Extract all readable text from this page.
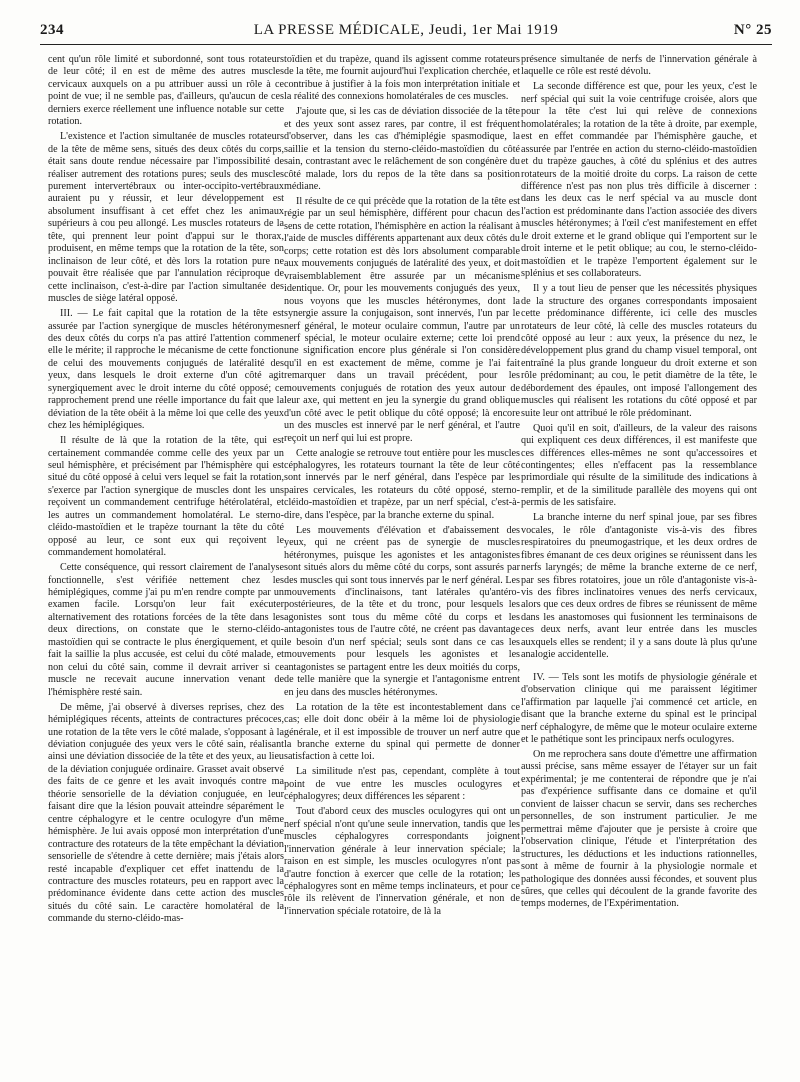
234	LA PRESSE MÉDICALE, Jeudi, 1er Mai 1919	N° 25

cent qu'un rôle limité et subordonné, sont tous rotateurs de leur côté; il en est de même des autres muscles cervicaux auxquels on a pu attribuer aussi un rôle à ce point de vue; il ne semble pas, d'ailleurs, qu'aucun de ces derniers exerce réellement une influence notable sur cette rotation.

L'existence et l'action simultanée de muscles rotateurs de la tête de même sens, situés des deux côtés du corps, était sans doute rendue nécessaire par l'impossibilité de réaliser autrement des rotations pures; seuls des muscles purement intervertébraux ou inter-occipito-vertébraux auraient pu y réussir, et leur développement est absolument insuffisant à cet effet chez les animaux supérieurs à cou peu allongé. Les muscles rotateurs de la tête, qui prennent leur point d'appui sur le thorax, produisent, en même temps que la rotation de la tête, son inclinaison de leur côté, et dès lors la rotation pure ne pouvait être réalisée que par l'annulation réciproque de cette inclinaison, c'est-à-dire par l'action simultanée des muscles de siège latéral opposé.

III. — Le fait capital que la rotation de la tête est assurée par l'action synergique de muscles hétéronymes des deux côtés du corps n'a pas attiré l'attention comme elle le mérite; il rapproche le mécanisme de cette fonction de celui des mouvements conjugués de latéralité des yeux, dans lesquels le droit externe d'un côté agit synergiquement avec le droit interne du côté opposé; ce rapprochement prend une réelle importance du fait que la déviation de la tête obéit à la même loi que celle des yeux chez les hémiplégiques.

Il résulte de là que la rotation de la tête, qui est certainement commandée comme celle des yeux par un seul hémisphère, et précisément par l'hémisphère qui est situé du côté opposé à celui vers lequel se fait la rotation, s'exerce par l'action synergique de muscles dont les uns reçoivent un commandement centrifuge hétérolatéral, et les autres un commandement homolatéral. Le sterno-cléido-mastoïdien et le trapèze tournant la tête du côté opposé au leur, ce sont eux qui reçoivent le commandement homolatéral.

Cette conséquence, qui ressort clairement de l'analyse fonctionnelle, s'est vérifiée nettement chez les hémiplégiques, comme j'ai pu m'en rendre compte par un examen facile. Lorsqu'on leur fait exécuter alternativement des rotations forcées de la tête dans les deux directions, on constate que le sterno-cléido-mastoïdien qui se contracte le plus énergiquement, et qui fait la saillie la plus accusée, est celui du côté malade, et non celui du côté sain, comme il devrait arriver si ce muscle ne recevait aucune innervation venant de l'hémisphère resté sain.

De même, j'ai observé à diverses reprises, chez des hémiplégiques récents, atteints de contractures précoces, une rotation de la tête vers le côté malade, s'opposant à la déviation conjuguée des yeux vers le côté sain, réalisant ainsi une déviation dissociée de la tête et des yeux, au lieu de la déviation conjuguée ordinaire. Grasset avait observé des faits de ce genre et les avait invoqués contre ma théorie sensorielle de la déviation conjuguée, en leur faisant dire que la lésion pouvait atteindre séparément le centre céphalogyre et le centre oculogyre d'un même hémisphère. Je lui avais opposé mon interprétation d'une contracture des rotateurs de la tête empêchant la déviation sensorielle de s'étendre à cette dernière; mais j'étais alors resté incapable d'expliquer cet effet inattendu de la contracture des muscles rotateurs, peu en rapport avec la prédominance évidente dans cette action des muscles situés du côté sain. Le caractère homolatéral de la commande du sterno-cléido-mas-

toïdien et du trapèze, quand ils agissent comme rotateurs de la tête, me fournit aujourd'hui l'explication cherchée, et contribue à justifier à la fois mon interprétation initiale et la réalité des connexions homolatérales de ces muscles.

J'ajoute que, si les cas de déviation dissociée de la tête et des yeux sont assez rares, par contre, il est fréquent d'observer, dans les cas d'hémiplégie spasmodique, la saillie et la tension du sterno-cléido-mastoïdien du côté sain, contrastant avec le relâchement de son congénère du côté malade, lors du repos de la tête dans sa position médiane.

Il résulte de ce qui précède que la rotation de la tête est régie par un seul hémisphère, différent pour chacun des sens de cette rotation, l'hémisphère en action la réalisant à l'aide de muscles différents appartenant aux deux côtés du corps; cette rotation est dès lors absolument comparable aux mouvements conjugués de latéralité des yeux, et doit vraisemblablement être assurée par un mécanisme identique. Or, pour les mouvements conjugués des yeux, nous voyons que les muscles hétéronymes, dont la synergie assure la conjugaison, sont innervés, l'un par le nerf général, le moteur oculaire commun, l'autre par un nerf spécial, le moteur oculaire externe; cette loi prend une signification encore plus générale si l'on considère qu'il en est exactement de même, comme je l'ai fait remarquer dans un travail précédent, pour les mouvements conjugués de rotation des yeux autour de leur axe, qui mettent en jeu la synergie du grand oblique d'un côté avec le petit oblique du côté opposé; là encore un des muscles est innervé par le nerf général, et l'autre reçoit un nerf qui lui est propre.

Cette analogie se retrouve tout entière pour les muscles céphalogyres, les rotateurs tournant la tête de leur côté sont innervés par le nerf général, dans l'espèce par les paires cervicales, les rotateurs du côté opposé, sterno-cléido-mastoïdien et trapèze, par un nerf spécial, c'est-à-dire, dans l'espèce, par la branche externe du spinal.

Les mouvements d'élévation et d'abaissement des yeux, qui ne créent pas de synergie de muscles hétéronymes, puisque les agonistes et les antagonistes sont situés alors du même côté du corps, sont assurés par des muscles qui sont tous innervés par le nerf général. Les mouvements d'inclinaisons, tant latérales qu'antéro-postérieures, de la tête et du tronc, pour lesquels les agonistes sont tous du même côté du corps et les antagonistes tous de l'autre côté, ne créent pas davantage le besoin d'un nerf spécial; seuls sont dans ce cas les mouvements pour lesquels les agonistes et les antagonistes se partagent entre les deux moitiés du corps, de telle manière que la synergie et l'antagonisme entrent en jeu dans des muscles hétéronymes.

La rotation de la tête est incontestablement dans ce cas; elle doit donc obéir à la même loi de physiologie générale, et il est impossible de trouver un nerf autre que la branche externe du spinal qui permette de donner satisfaction à cette loi.

La similitude n'est pas, cependant, complète à tout point de vue entre les muscles oculogyres et céphalogyres; deux différences les séparent :

Tout d'abord ceux des muscles oculogyres qui ont un nerf spécial n'ont qu'une seule innervation, tandis que les muscles céphalogyres correspondants joignent l'innervation générale à leur innervation spéciale; la raison en est simple, les muscles oculogyres n'ont pas d'autre fonction à exercer que celle de la rotation; les céphalogyres sont en même temps inclinateurs, et pour ce rôle ils relèvent de l'innervation générale, et non de l'innervation spéciale rotatoire, de là la

présence simultanée de nerfs de l'innervation générale à laquelle ce rôle est resté dévolu.

La seconde différence est que, pour les yeux, c'est le nerf spécial qui suit la voie centrifuge croisée, alors que pour la tête c'est lui qui relève de connexions homolatérales; la rotation de la tête à droite, par exemple, est en effet commandée par l'hémisphère gauche, et assurée par l'entrée en action du sterno-cléido-mastoïdien et du trapèze gauches, à côté du splénius et des autres rotateurs de la moitié droite du corps. La raison de cette différence n'est pas non plus très difficile à discerner : dans les deux cas le nerf spécial va au muscle dont l'action est prédominante dans l'action associée des divers muscles hétéronymes; à l'œil c'est manifestement en effet le droit externe et le grand oblique qui l'emportent sur le droit interne et le petit oblique; au cou, le sterno-cléido-mastoïdien et le trapèze l'emportent également sur le splénius et ses collaborateurs.

Il y a tout lieu de penser que les nécessités physiques de la structure des organes correspondants imposaient cette prédominance différente, ici celle des muscles rotateurs de leur côté, là celle des muscles rotateurs du côté opposé au leur : aux yeux, la présence du nez, le développement plus grand du champ visuel temporal, ont entraîné la plus grande longueur du droit externe et son rôle prédominant; au cou, le petit diamètre de la tête, le débordement des épaules, ont imposé l'allongement des muscles qui réalisent les rotations du côté opposé et par suite leur ont attribué le rôle prédominant.

Quoi qu'il en soit, d'ailleurs, de la valeur des raisons qui expliquent ces deux différences, il est manifeste que ces différences elles-mêmes ne sont qu'accessoires et contingentes; elles n'effacent pas la ressemblance primordiale qui résulte de la similitude des indications à remplir, et de la similitude parallèle des moyens qui ont permis de les satisfaire.

La branche interne du nerf spinal joue, par ses fibres vocales, le rôle d'antagoniste vis-à-vis des fibres respiratoires du pneumogastrique, et les deux ordres de fibres émanant de ces deux origines se réunissent dans les nerfs laryngés; de même la branche externe de ce nerf, par ses fibres rotatoires, joue un rôle d'antagoniste vis-à-vis des fibres inclinatoires venues des nerfs cervicaux, alors que ces deux ordres de fibres se réunissent de même dans les anastomoses qui fusionnent les terminaisons de ces deux nerfs, avant leur entrée dans les muscles auxquels elles se rendent; il y a sans doute là plus qu'une analogie accidentelle.

IV. — Tels sont les motifs de physiologie générale et d'observation clinique qui me paraissent légitimer l'affirmation par laquelle j'ai commencé cet article, en disant que la branche externe du spinal est le principal nerf céphalogyre, de même que le moteur oculaire externe et le pathétique sont les principaux nerfs oculogyres.

On me reprochera sans doute d'émettre une affirmation aussi précise, sans même essayer de l'étayer sur un fait expérimental; je me contenterai de répondre que je n'ai pas d'expérience suffisante dans ce domaine et qu'il convient de laisser chacun se servir, dans ses recherches personnelles, de son instrument particulier. Je me permettrai même d'ajouter que je persiste à croire que l'observation clinique, l'étude et l'interprétation des structures, les déductions et les inductions rationnelles, sont à même de fournir à la physiologie normale et pathologique des données aussi fécondes, et souvent plus sûres, que celles qui découlent de la grande favorite des temps modernes, de l'Expérimentation.
